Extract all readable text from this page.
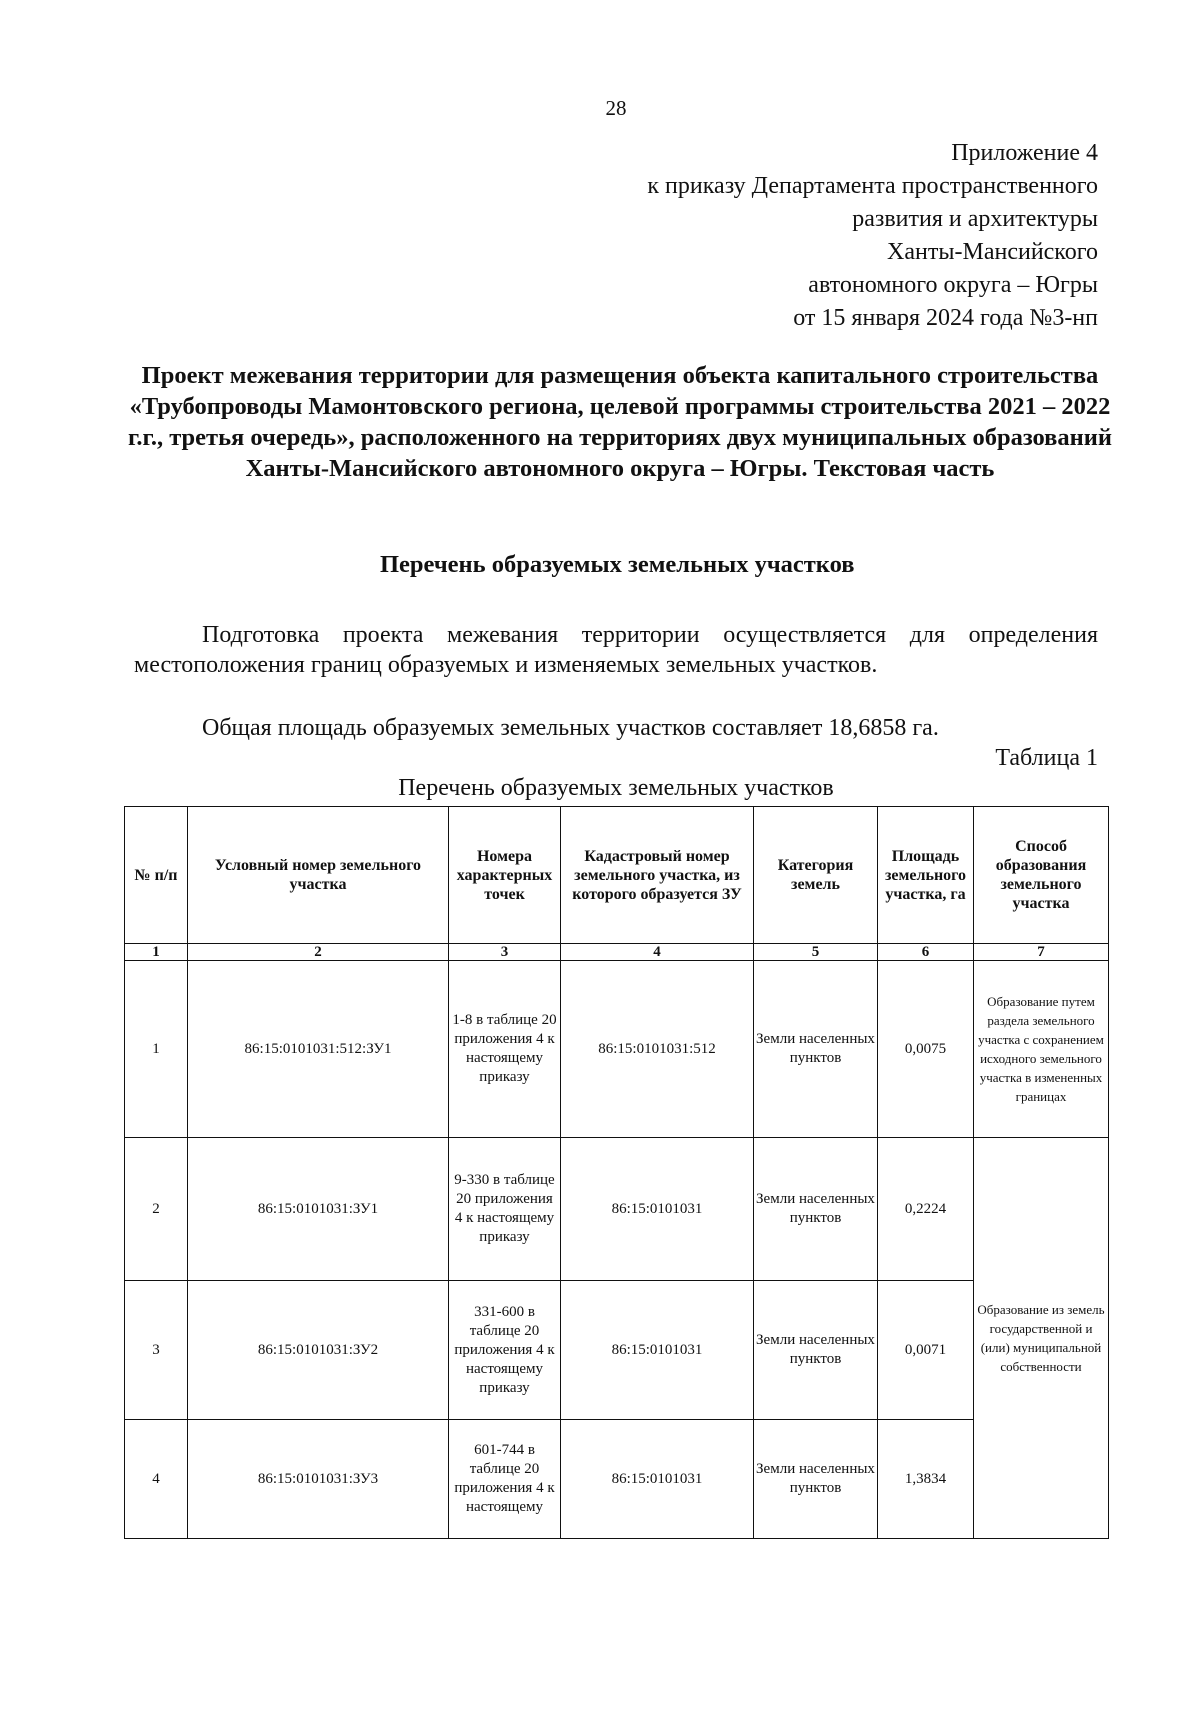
28
Приложение 4
к приказу Департамента пространственного
развития и архитектуры
Ханты-Мансийского
автономного округа – Югры
от 15 января 2024 года №3-нп
Проект межевания территории для размещения объекта капитального строительства «Трубопроводы Мамонтовского региона, целевой программы строительства 2021 – 2022 г.г., третья очередь», расположенного на территориях двух муниципальных образований Ханты-Мансийского автономного округа – Югры. Текстовая часть
Перечень образуемых земельных участков
Подготовка проекта межевания территории осуществляется для определения местоположения границ образуемых и изменяемых земельных участков.
Общая площадь образуемых земельных участков составляет 18,6858 га.
Таблица 1
Перечень образуемых земельных участков
№ п/п	Условный номер земельного участка	Номера характерных точек	Кадастровый номер земельного участка, из которого образуется ЗУ	Категория земель	Площадь земельного участка, га	Способ образования земельного участка
1	2	3	4	5	6	7
1	86:15:0101031:512:ЗУ1	1-8 в таблице 20 приложения 4 к настоящему приказу	86:15:0101031:512	Земли населенных пунктов	0,0075	Образование путем раздела земельного участка с сохранением исходного земельного участка в измененных границах
2	86:15:0101031:ЗУ1	9-330 в таблице 20 приложения 4 к настоящему приказу	86:15:0101031	Земли населенных пунктов	0,2224	Образование из земель государственной и (или) муниципальной собственности
3	86:15:0101031:ЗУ2	331-600 в таблице 20 приложения 4 к настоящему приказу	86:15:0101031	Земли населенных пунктов	0,0071	
4	86:15:0101031:ЗУ3	601-744 в таблице 20 приложения 4 к настоящему	86:15:0101031	Земли населенных пунктов	1,3834	
